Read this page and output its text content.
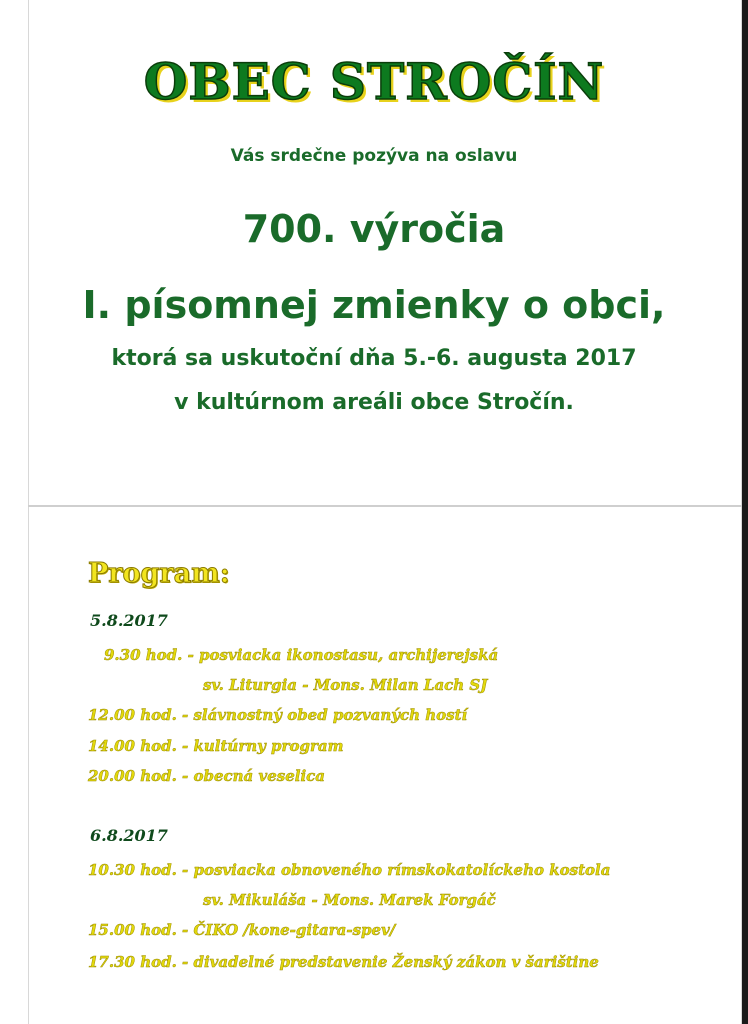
OBEC STROČÍN
Vás srdečne pozýva na oslavu
700. výročia
I. písomnej zmienky o obci,
ktorá sa uskutoční dňa 5.-6. augusta 2017
v kultúrnom areáli obce Stročín.
Program:
5.8.2017
9.30 hod. - posviacka ikonostasu, archijerejská
sv. Liturgia - Mons. Milan Lach SJ
12.00 hod. - slávnostný obed pozvaných hostí
14.00 hod. - kultúrny program
20.00 hod. - obecná veselica
6.8.2017
10.30 hod. - posviacka obnoveného rímskokatolíckeho kostola
sv. Mikuláša - Mons. Marek Forgáč
15.00 hod. - ČIKO /kone-gitara-spev/
17.30 hod. - divadelné predstavenie Ženský zákon v šarištine
